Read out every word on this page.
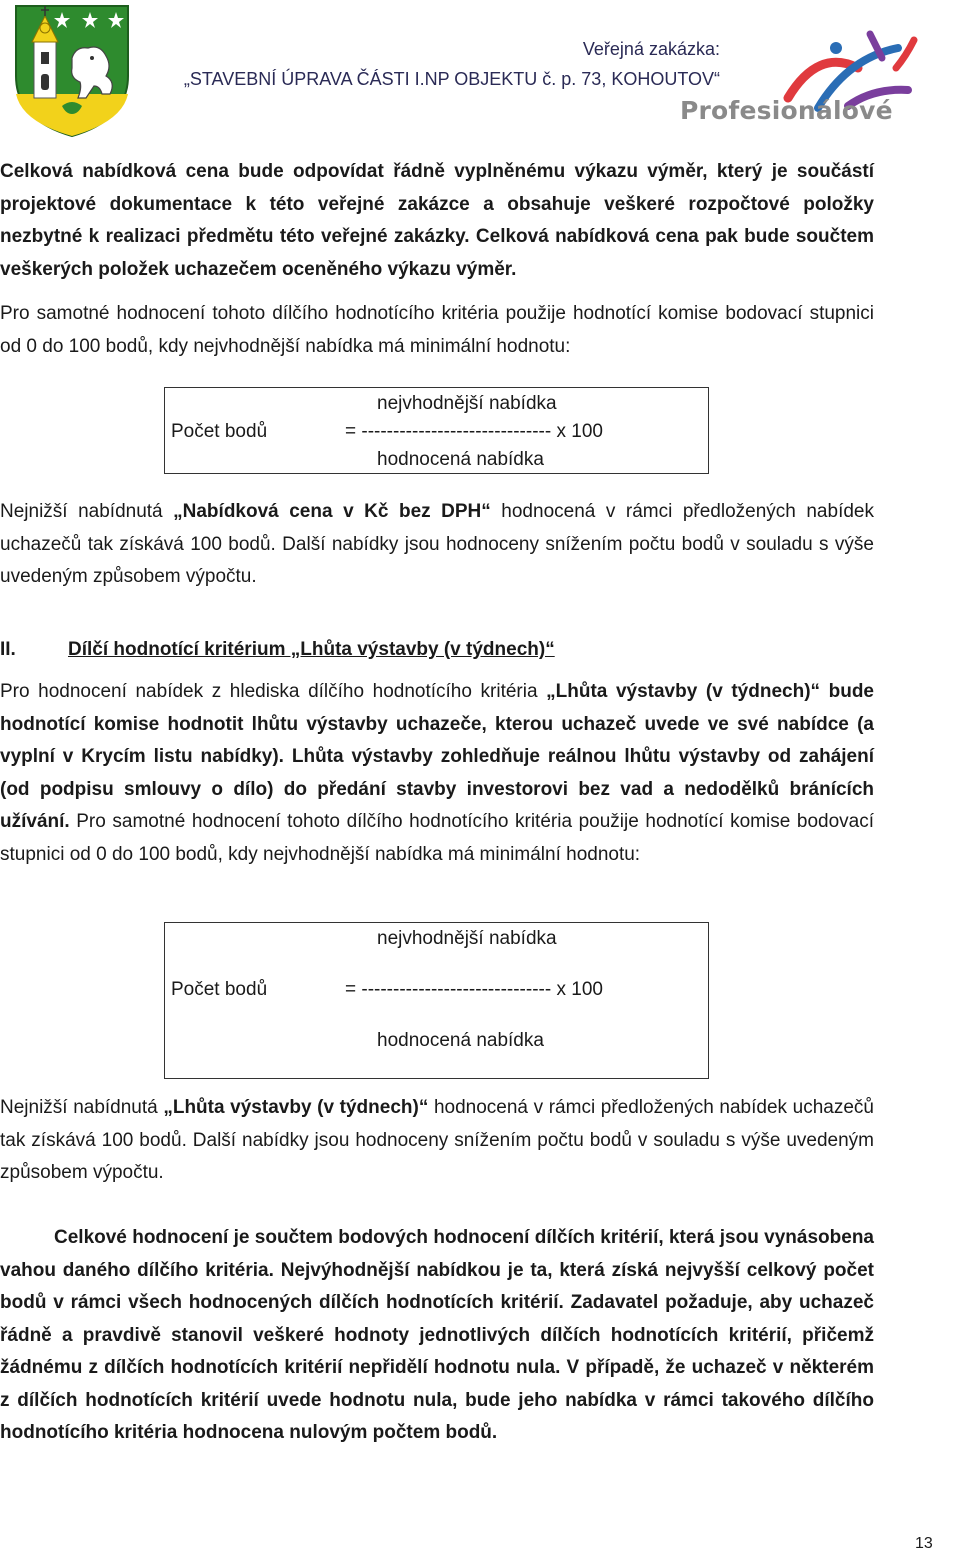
Veřejná zakázka:
„STAVEBNÍ ÚPRAVA ČÁSTI I.NP OBJEKTU č. p. 73, KOHOUTOV“
Profesionálové

Celková nabídková cena bude odpovídat řádně vyplněnému výkazu výměr, který je součástí projektové dokumentace k této veřejné zakázce a obsahuje veškeré rozpočtové položky nezbytné k realizaci předmětu této veřejné zakázky. Celková nabídková cena pak bude součtem veškerých položek uchazečem oceněného výkazu výměr.

Pro samotné hodnocení tohoto dílčího hodnotícího kritéria použije hodnotící komise bodovací stupnici od 0 do 100 bodů, kdy nejvhodnější nabídka má minimální hodnotu:

nejvhodnější nabídka
Počet bodů	= ------------------------------ x 100
hodnocená nabídka

Nejnižší nabídnutá „Nabídková cena v Kč bez DPH“ hodnocená v rámci předložených nabídek uchazečů tak získává 100 bodů. Další nabídky jsou hodnoceny snížením počtu bodů v souladu s výše uvedeným způsobem výpočtu.

II.	Dílčí hodnotící kritérium „Lhůta výstavby (v týdnech)“

Pro hodnocení nabídek z hlediska dílčího hodnotícího kritéria „Lhůta výstavby (v týdnech)“ bude hodnotící komise hodnotit lhůtu výstavby uchazeče, kterou uchazeč uvede ve své nabídce (a vyplní v Krycím listu nabídky). Lhůta výstavby zohledňuje reálnou lhůtu výstavby od zahájení (od podpisu smlouvy o dílo) do předání stavby investorovi bez vad a nedodělků bránících užívání. Pro samotné hodnocení tohoto dílčího hodnotícího kritéria použije hodnotící komise bodovací stupnici od 0 do 100 bodů, kdy nejvhodnější nabídka má minimální hodnotu:

nejvhodnější nabídka
Počet bodů	= ------------------------------ x 100
hodnocená nabídka

Nejnižší nabídnutá „Lhůta výstavby (v týdnech)“ hodnocená v rámci předložených nabídek uchazečů tak získává 100 bodů. Další nabídky jsou hodnoceny snížením počtu bodů v souladu s výše uvedeným způsobem výpočtu.

Celkové hodnocení je součtem bodových hodnocení dílčích kritérií, která jsou vynásobena vahou daného dílčího kritéria. Nejvýhodnější nabídkou je ta, která získá nejvyšší celkový počet bodů v rámci všech hodnocených dílčích hodnotících kritérií. Zadavatel požaduje, aby uchazeč řádně a pravdivě stanovil veškeré hodnoty jednotlivých dílčích hodnotících kritérií, přičemž žádnému z dílčích hodnotících kritérií nepřidělí hodnotu nula. V případě, že uchazeč v některém z dílčích hodnotících kritérií uvede hodnotu nula, bude jeho nabídka v rámci takového dílčího hodnotícího kritéria hodnocena nulovým počtem bodů.

13
